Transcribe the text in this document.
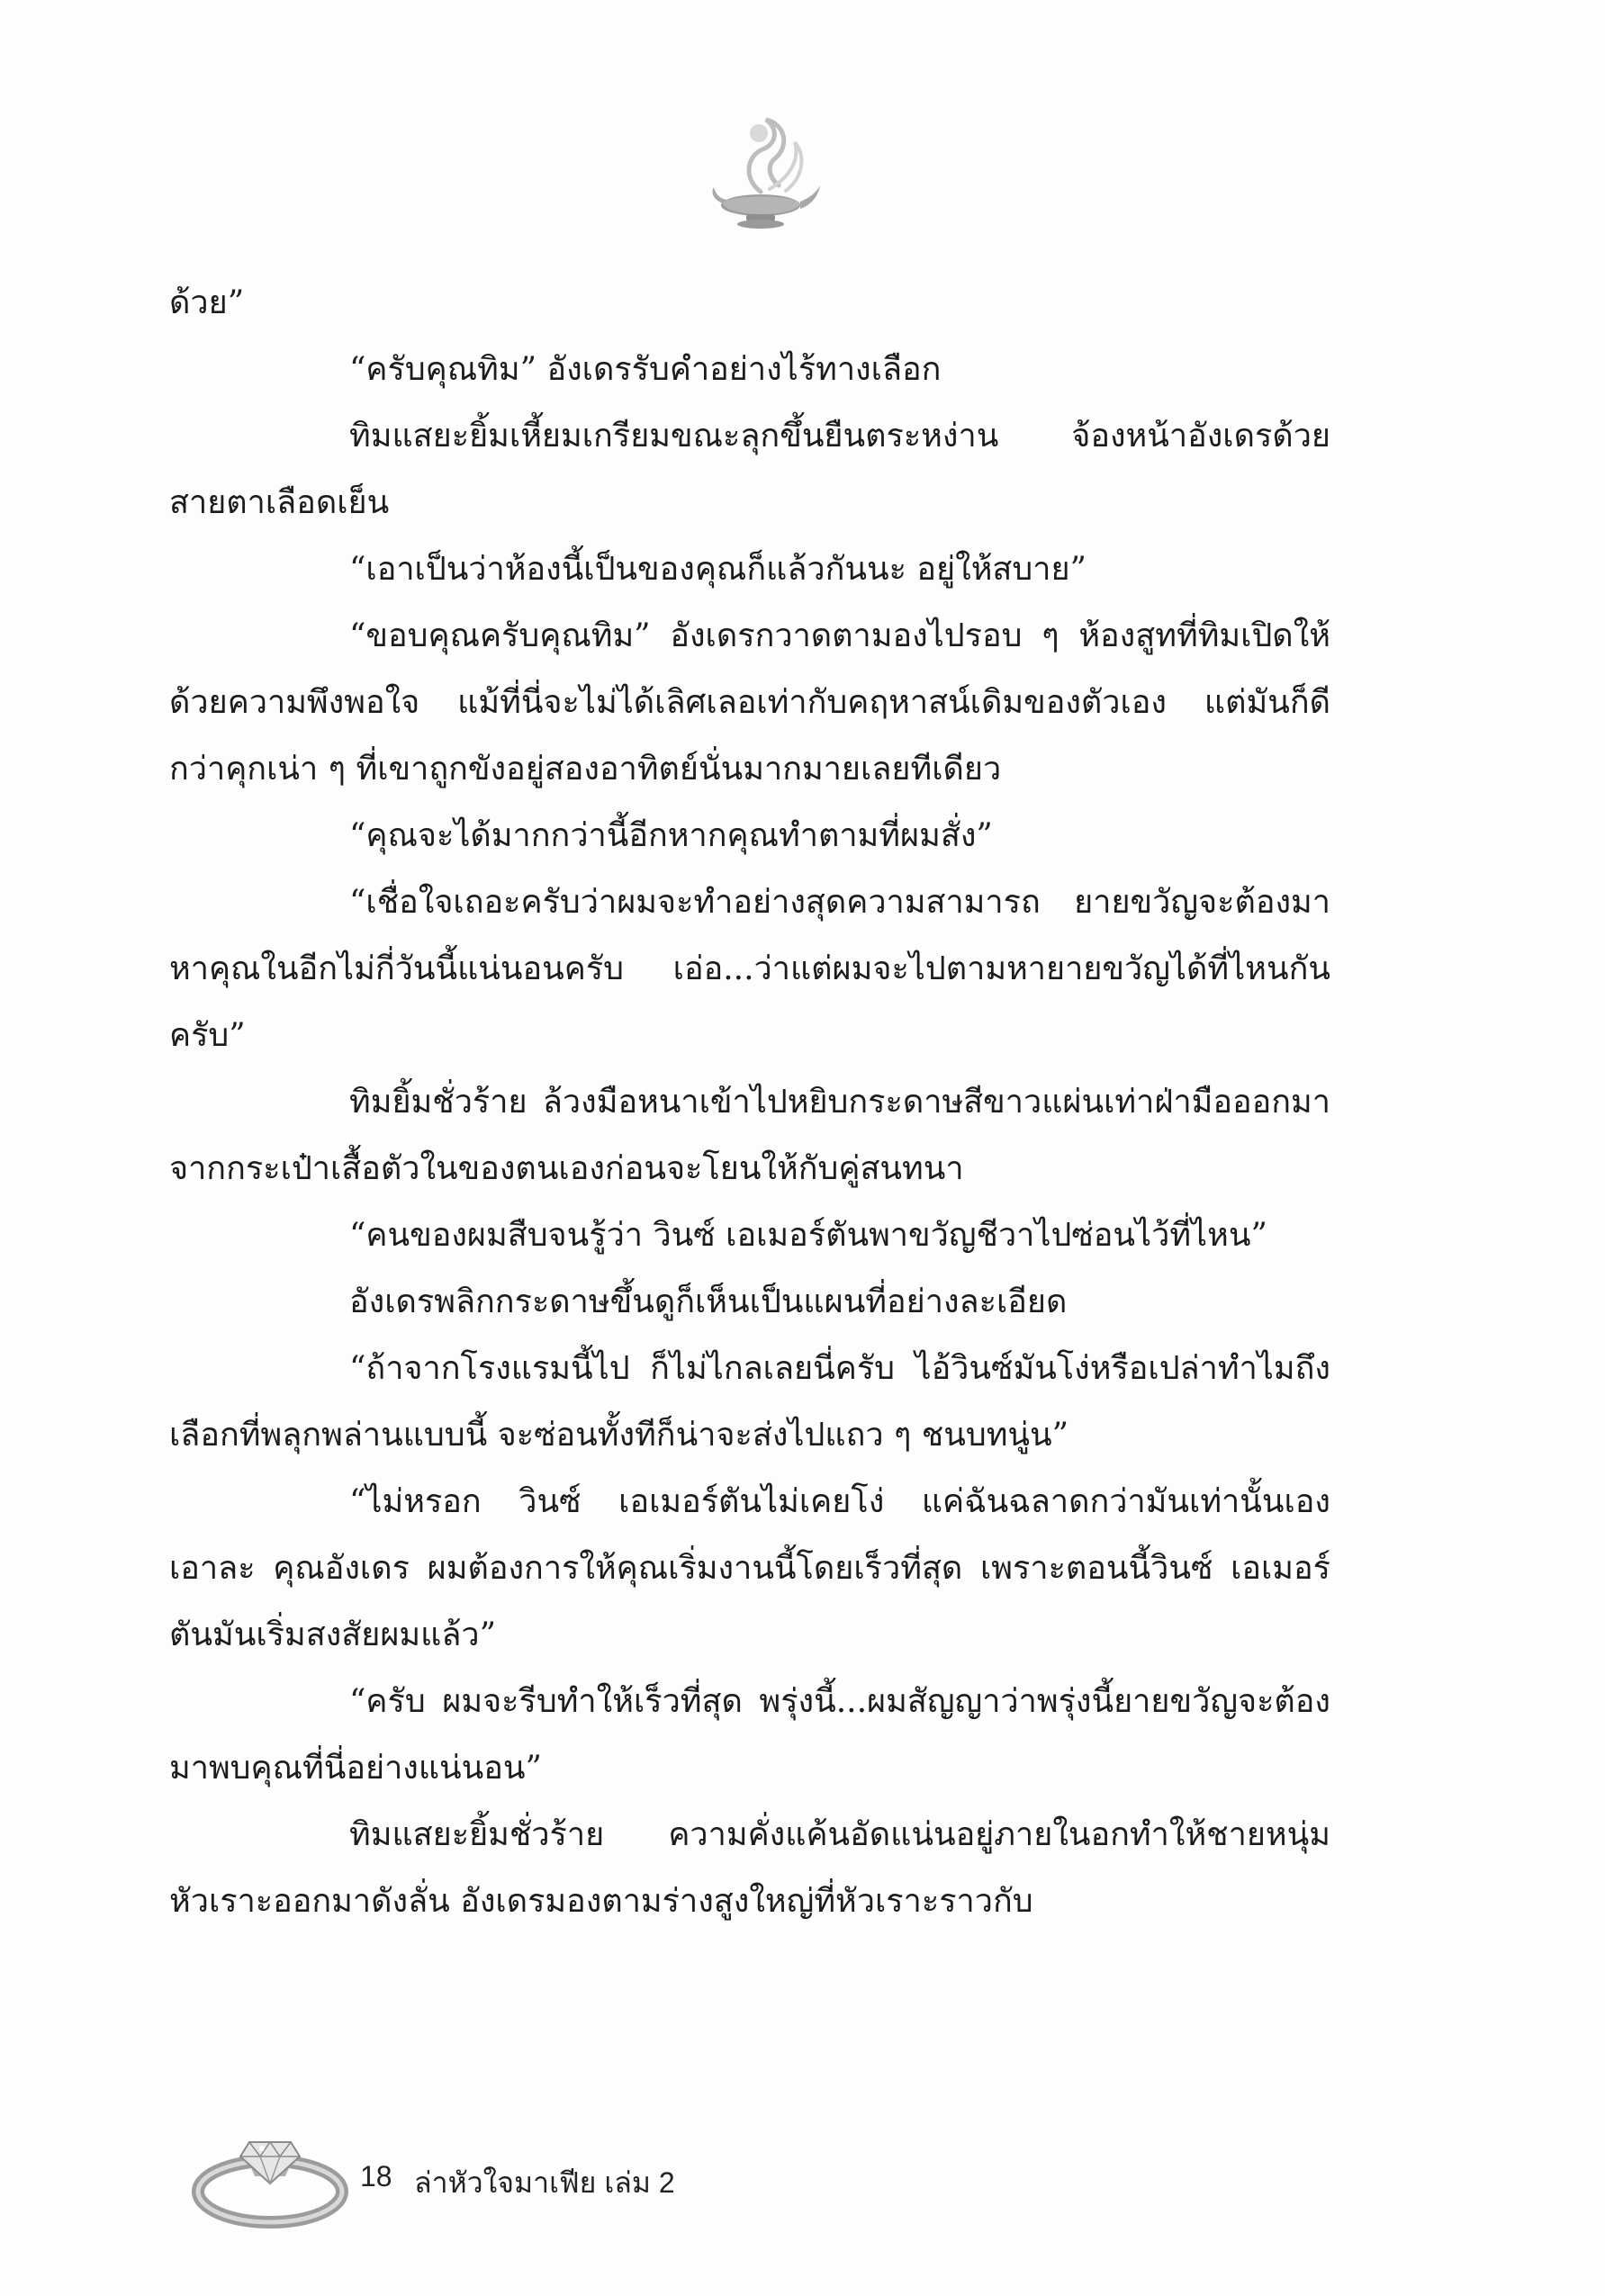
ด้วย”

“ครับคุณทิม” อังเดรรับคำอย่างไร้ทางเลือก

ทิมแสยะยิ้มเหี้ยมเกรียมขณะลุกขึ้นยืนตระหง่าน จ้องหน้าอังเดรด้วยสายตาเลือดเย็น

“เอาเป็นว่าห้องนี้เป็นของคุณก็แล้วกันนะ อยู่ให้สบาย”

“ขอบคุณครับคุณทิม” อังเดรกวาดตามองไปรอบ ๆ ห้องสูทที่ทิมเปิดให้ด้วยความพึงพอใจ แม้ที่นี่จะไม่ได้เลิศเลอเท่ากับคฤหาสน์เดิมของตัวเอง แต่มันก็ดีกว่าคุกเน่า ๆ ที่เขาถูกขังอยู่สองอาทิตย์นั่นมากมายเลยทีเดียว

“คุณจะได้มากกว่านี้อีกหากคุณทำตามที่ผมสั่ง”

“เชื่อใจเถอะครับว่าผมจะทำอย่างสุดความสามารถ ยายขวัญจะต้องมาหาคุณในอีกไม่กี่วันนี้แน่นอนครับ เอ่อ...ว่าแต่ผมจะไปตามหายายขวัญได้ที่ไหนกันครับ”

ทิมยิ้มชั่วร้าย ล้วงมือหนาเข้าไปหยิบกระดาษสีขาวแผ่นเท่าฝ่ามือออกมาจากกระเป๋าเสื้อตัวในของตนเองก่อนจะโยนให้กับคู่สนทนา

“คนของผมสืบจนรู้ว่า วินซ์ เอเมอร์ตันพาขวัญชีวาไปซ่อนไว้ที่ไหน”

อังเดรพลิกกระดาษขึ้นดูก็เห็นเป็นแผนที่อย่างละเอียด

“ถ้าจากโรงแรมนี้ไป ก็ไม่ไกลเลยนี่ครับ ไอ้วินซ์มันโง่หรือเปล่าทำไมถึงเลือกที่พลุกพล่านแบบนี้ จะซ่อนทั้งทีก็น่าจะส่งไปแถว ๆ ชนบทนู่น”

“ไม่หรอก วินซ์ เอเมอร์ตันไม่เคยโง่ แค่ฉันฉลาดกว่ามันเท่านั้นเอง เอาละ คุณอังเดร ผมต้องการให้คุณเริ่มงานนี้โดยเร็วที่สุด เพราะตอนนี้วินซ์ เอเมอร์ตันมันเริ่มสงสัยผมแล้ว”

“ครับ ผมจะรีบทำให้เร็วที่สุด พรุ่งนี้...ผมสัญญาว่าพรุ่งนี้ยายขวัญจะต้องมาพบคุณที่นี่อย่างแน่นอน”

ทิมแสยะยิ้มชั่วร้าย ความคั่งแค้นอัดแน่นอยู่ภายในอกทำให้ชายหนุ่มหัวเราะออกมาดังลั่น อังเดรมองตามร่างสูงใหญ่ที่หัวเราะราวกับ

18 ล่าหัวใจมาเฟีย เล่ม 2
